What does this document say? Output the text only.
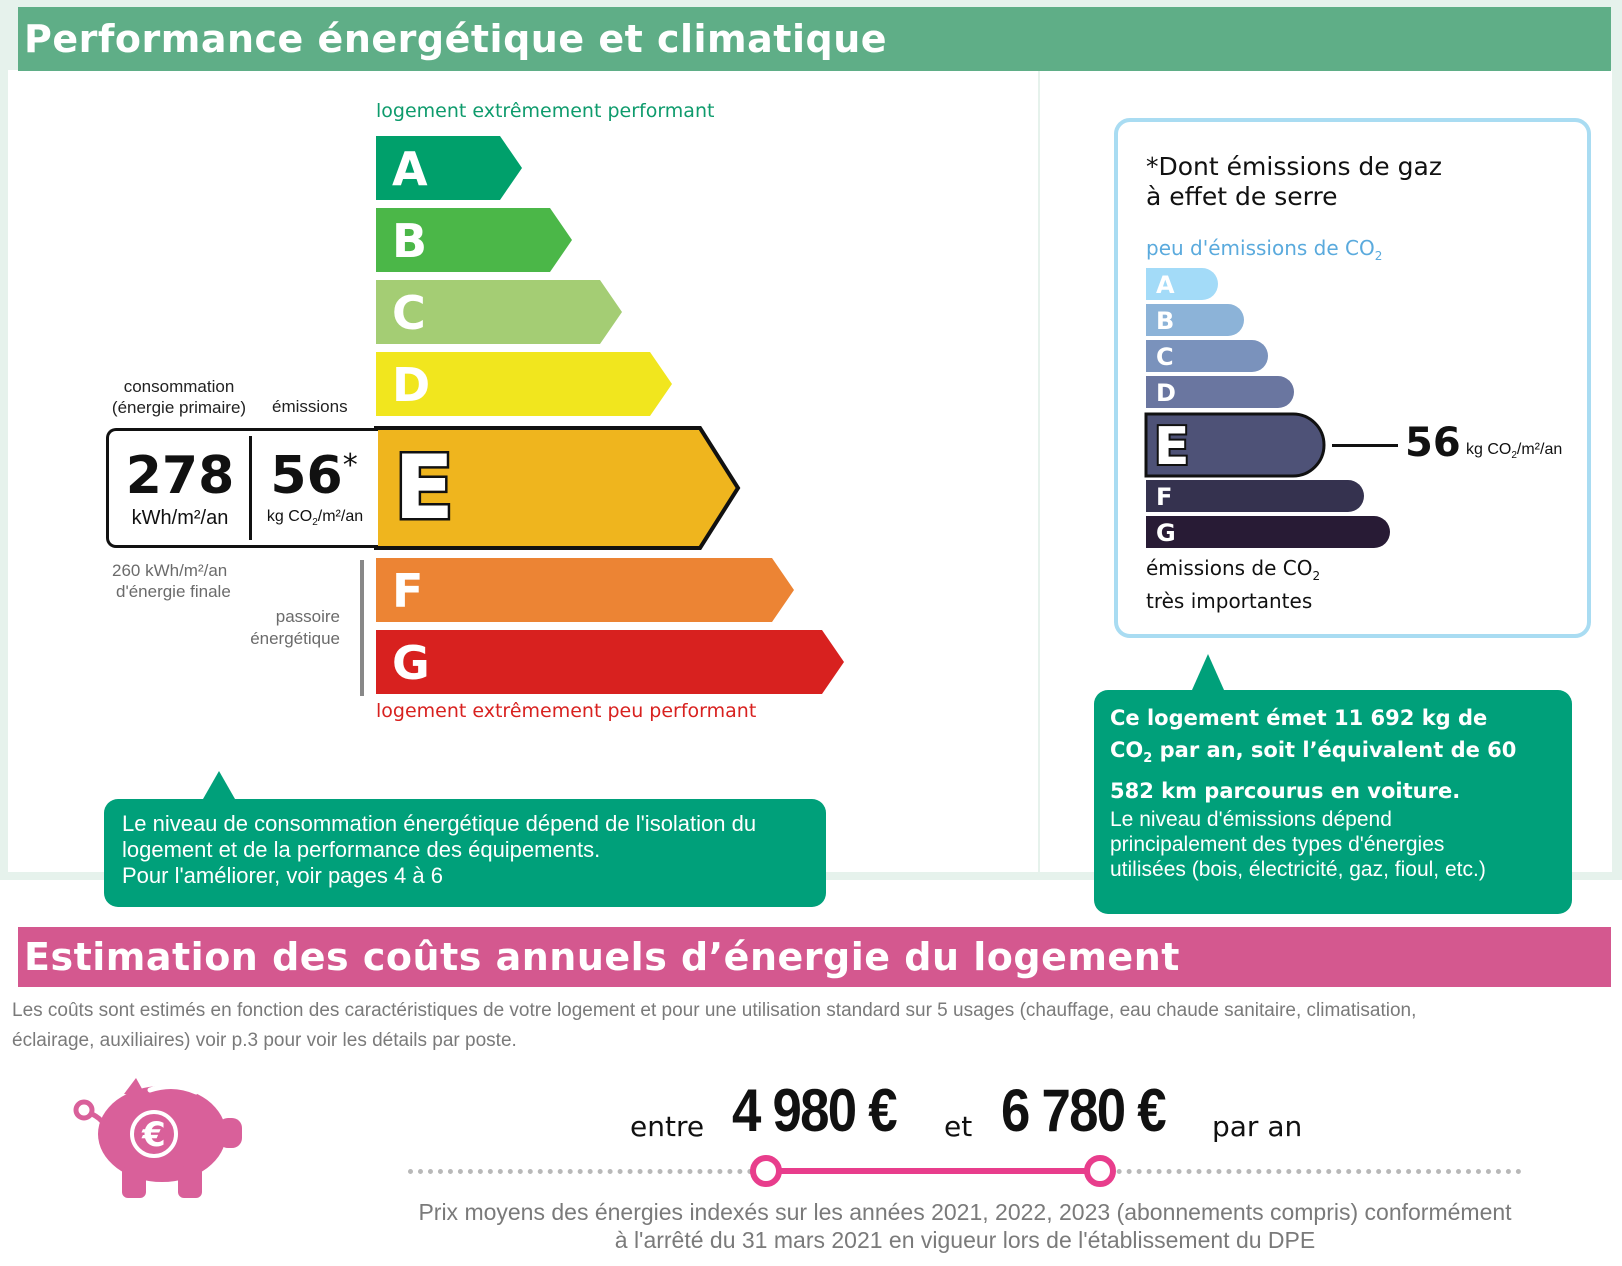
Performance énergétique et climatique
logement extrêmement performant
A
B
C
D
E
F
G
consommation
(énergie primaire) émissions
278
kWh/m²/an
56*
kg $CO_2/m^2/an$
260 kWh/m²/an
d'énergie finale
passoire
énergétique
logement extrêmement peu performant
Le niveau de consommation énergétique dépend de l'isolation du
logement et de la performance des équipements.
Pour l'améliorer, voir pages 4 à 6
*Dont émissions de gaz
à effet de serre
peu d'émissions de $CO_2$
A
B
C
D
E
F
G
56 kg $CO_2/m^2/an$
émissions de $CO_2$
très importantes
Ce logement émet 11 692 kg de
$CO_2$ par an, soit l’équivalent de 60
582 km parcourus en voiture.
Le niveau d'émissions dépend
principalement des types d'énergies
utilisées (bois, électricité, gaz, fioul, etc.)
Estimation des coûts annuels d’énergie du logement
Les coûts sont estimés en fonction des caractéristiques de votre logement et pour une utilisation standard sur 5 usages (chauffage, eau chaude sanitaire, climatisation,
éclairage, auxiliaires) voir p.3 pour voir les détails par poste.
€	entre 4 980 € et 6 780 € par an
Prix moyens des énergies indexés sur les années 2021, 2022, 2023 (abonnements compris) conformément
à l'arrêté du 31 mars 2021 en vigueur lors de l'établissement du DPE
